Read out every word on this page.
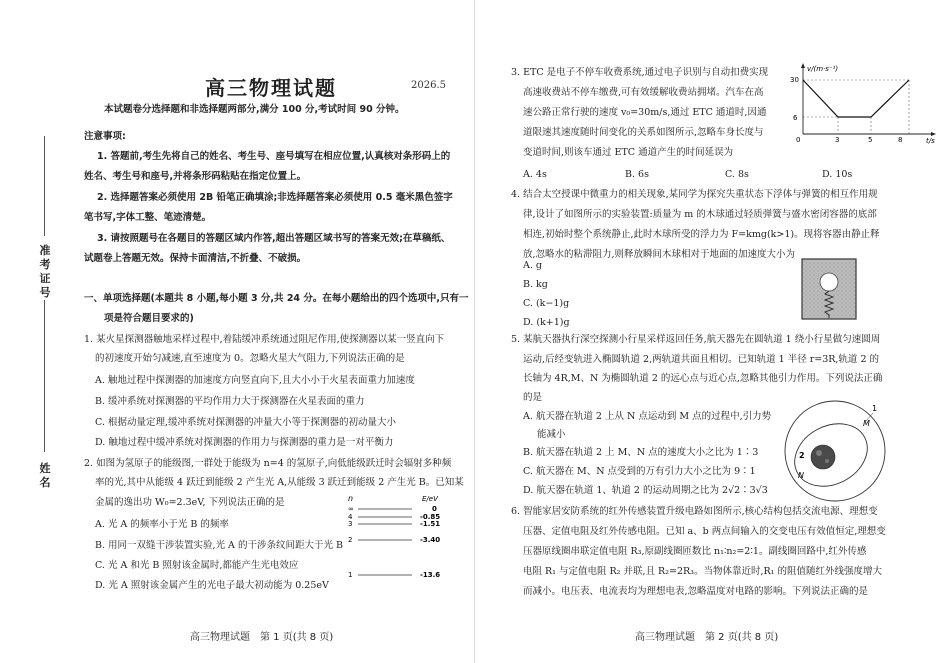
准
考
证
号
姓
名
高三物理试题	2026.5
本试题卷分选择题和非选择题两部分,满分 100 分,考试时间 90 分钟。
注意事项:
1. 答题前,考生先将自己的姓名、考生号、座号填写在相应位置,认真核对条形码上的
姓名、考生号和座号,并将条形码粘贴在指定位置上。
2. 选择题答案必须使用 2B 铅笔正确填涂;非选择题答案必须使用 0.5 毫米黑色签字
笔书写,字体工整、笔迹清楚。
3. 请按照题号在各题目的答题区域内作答,超出答题区域书写的答案无效;在草稿纸、
试题卷上答题无效。保持卡面清洁,不折叠、不破损。
一、单项选择题(本题共 8 小题,每小题 3 分,共 24 分。在每小题给出的四个选项中,只有一
项是符合题目要求的)
1. 某火星探测器触地采样过程中,着陆缓冲系统通过阻尼作用,使探测器以某一竖直向下
的初速度开始匀减速,直至速度为 0。忽略火星大气阻力,下列说法正确的是
A. 触地过程中探测器的加速度方向竖直向下,且大小小于火星表面重力加速度
B. 缓冲系统对探测器的平均作用力大于探测器在火星表面的重力
C. 根据动量定理,缓冲系统对探测器的冲量大小等于探测器的初动量大小
D. 触地过程中缓冲系统对探测器的作用力与探测器的重力是一对平衡力
2. 如图为氢原子的能级图,一群处于能级为 n=4 的氢原子,向低能级跃迁时会辐射多种频
率的光,其中从能级 4 跃迁到能级 2 产生光 A,从能级 3 跃迁到能级 2 产生光 B。已知某
金属的逸出功 W₀=2.3eV, 下列说法正确的是
A. 光 A 的频率小于光 B 的频率
B. 用同一双缝干涉装置实验,光 A 的干涉条纹间距大于光 B
C. 光 A 和光 B 照射该金属时,都能产生光电效应
D. 光 A 照射该金属产生的光电子最大初动能为 0.25eV
n	E/eV
∞	0
4	-0.85
3	-1.51
2	-3.40
1	-13.6
高三物理试题　第 1 页(共 8 页)
3. ETC 是电子不停车收费系统,通过电子识别与自动扣费实现
高速收费站不停车缴费,可有效缓解收费站拥堵。汽车在高
速公路正常行驶的速度 v₀=30m/s,通过 ETC 通道时,因通
道限速其速度随时间变化的关系如图所示,忽略车身长度与
变道时间,则该车通过 ETC 通道产生的时间延误为
A. 4s	B. 6s	C. 8s	D. 10s
v/(m·s⁻¹)
t/s
0
30
6
3	5	8
4. 结合太空授课中微重力的相关现象,某同学为探究失重状态下浮体与弹簧的相互作用规
律,设计了如图所示的实验装置:质量为 m 的木球通过轻质弹簧与盛水密闭容器的底部
相连,初始时整个系统静止,此时木球所受的浮力为 F=kmg(k>1)。现将容器由静止释
放,忽略水的粘滞阻力,则释放瞬间木球相对于地面的加速度大小为
A. g
B. kg
C. (k−1)g
D. (k+1)g
5. 某航天器执行深空探测小行星采样返回任务,航天器先在圆轨道 1 绕小行星做匀速圆周
运动,后经变轨进入椭圆轨道 2,两轨道共面且相切。已知轨道 1 半径 r=3R,轨道 2 的
长轴为 4R,M、N 为椭圆轨道 2 的远心点与近心点,忽略其他引力作用。下列说法正确
的是
A. 航天器在轨道 2 上从 N 点运动到 M 点的过程中,引力势
能减小
B. 航天器在轨道 2 上 M、N 点的速度大小之比为 1∶3
C. 航天器在 M、N 点受到的万有引力大小之比为 9∶1
D. 航天器在轨道 1、轨道 2 的运动周期之比为 2√2∶3√3
1
2
M
N
6. 智能家居安防系统的红外传感装置升级电路如图所示,核心结构包括交流电源、理想变
压器、定值电阻及红外传感电阻。已知 a、b 两点间输入的交变电压有效值恒定,理想变
压器原线圈串联定值电阻 R₃,原副线圈匝数比 n₁∶n₂=2∶1。副线圈回路中,红外传感
电阻 R₁ 与定值电阻 R₂ 并联,且 R₂=2R₃。当物体靠近时,R₁ 的阻值随红外线强度增大
而减小。电压表、电流表均为理想电表,忽略温度对电路的影响。下列说法正确的是
高三物理试题　第 2 页(共 8 页)
